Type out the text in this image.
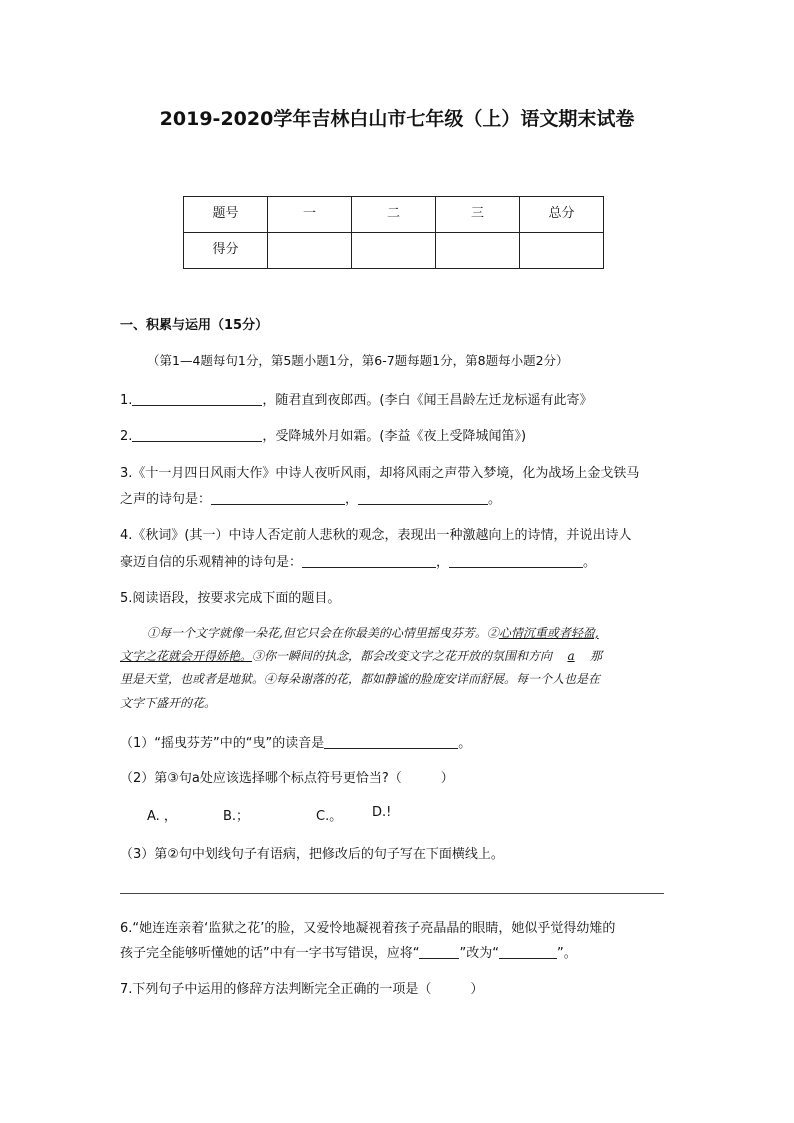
2019-2020学年吉林白山市七年级（上）语文期末试卷
题号	一	二	三	总分
得分				
一、积累与运用（15分）
（第1—4题每句1分，第5题小题1分，第6-7题每题1分，第8题每小题2分）
1.	，随君直到夜郎西。(李白《闻王昌龄左迁龙标遥有此寄》
2.	，受降城外月如霜。(李益《夜上受降城闻笛》)
3.《十一月四日风雨大作》中诗人夜听风雨，却将风雨之声带入梦境，化为战场上金戈铁马
之声的诗句是：	，	。
4.《秋词》(其一）中诗人否定前人悲秋的观念，表现出一种激越向上的诗情，并说出诗人
豪迈自信的乐观精神的诗句是：	，	。
5.阅读语段，按要求完成下面的题目。
①每一个文字就像一朵花,但它只会在你最美的心情里摇曳芬芳。②心情沉重或者轻盈,
文字之花就会开得娇艳。③你一瞬间的执念，都会改变文字之花开放的氛围和方向 a 那
里是天堂，也或者是地狱。④每朵谢落的花，都如静谧的脸庞安详而舒展。每一个人也是在
文字下盛开的花。
（1）“摇曳芬芳”中的“曳”的读音是	。
（2）第③句a处应该选择哪个标点符号更恰当?（　　　）
A. ，	B.；	C.。 D.!
（3）第②句中划线句子有语病，把修改后的句子写在下面横线上。
6.“她连连亲着‘监狱之花’的脸，又爱怜地凝视着孩子亮晶晶的眼睛，她似乎觉得幼雉的
孩子完全能够听懂她的话”中有一字书写错误，应将“	”改为“	”。
7.下列句子中运用的修辞方法判断完全正确的一项是（　　　）
